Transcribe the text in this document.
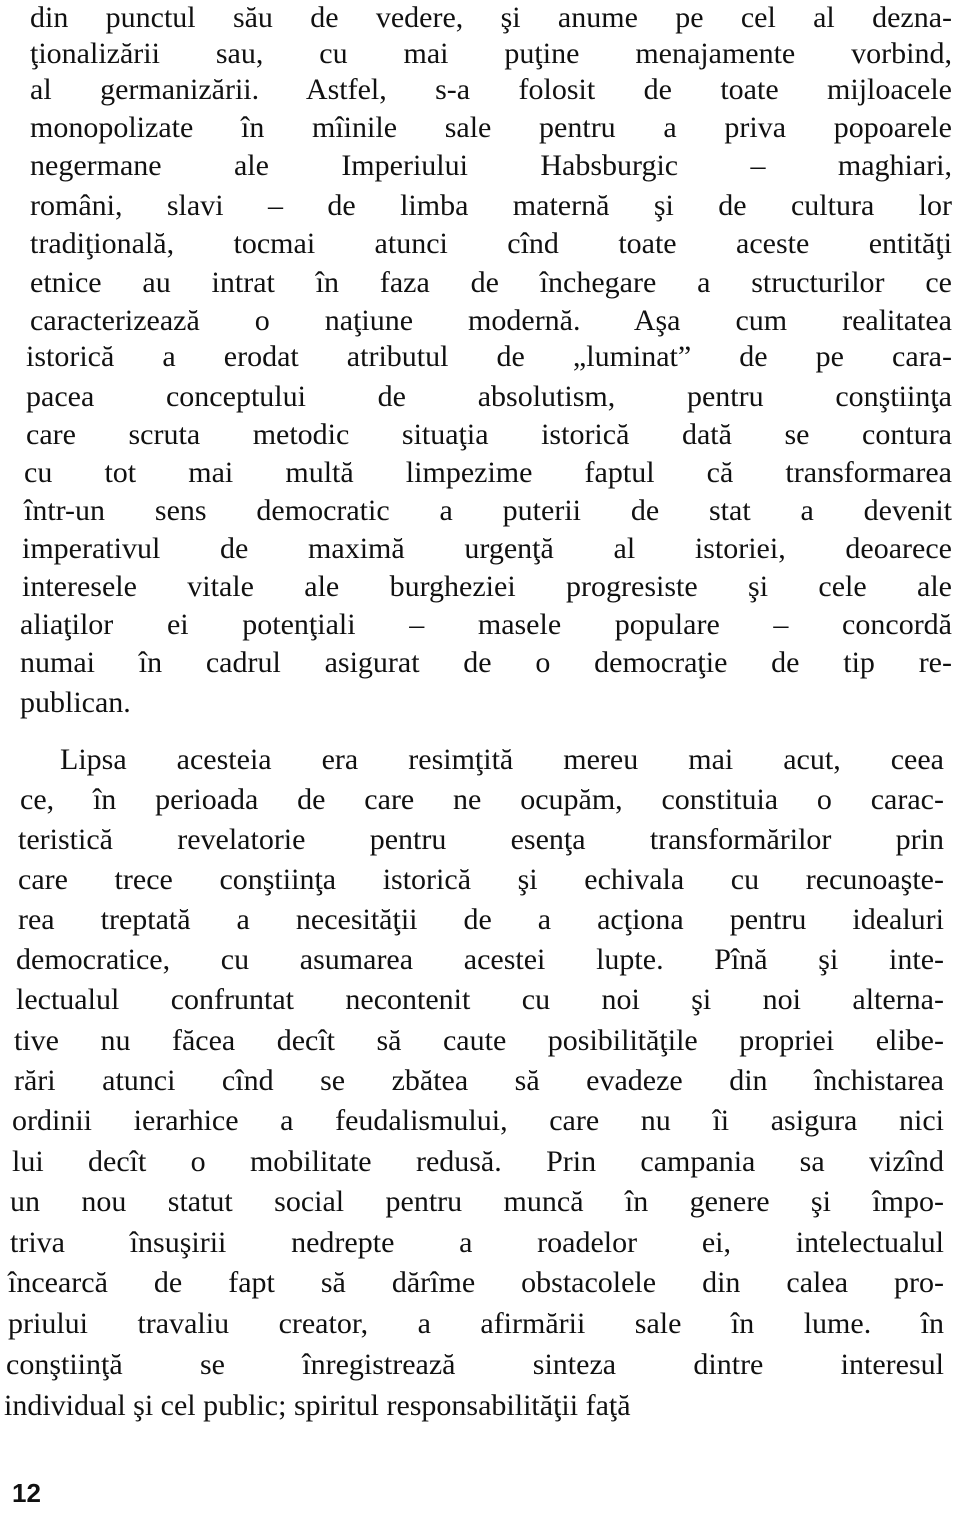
din punctul său de vedere, şi anume pe cel al dezna-
ţionalizării sau, cu mai puţine menajamente vorbind,
al germanizării. Astfel, s-a folosit de toate mijloacele
monopolizate în mîinile sale pentru a priva popoarele
negermane ale Imperiului Habsburgic – maghiari,
români, slavi – de limba maternă şi de cultura lor
tradiţională, tocmai atunci cînd toate aceste entităţi
etnice au intrat în faza de închegare a structurilor ce
caracterizează o naţiune modernă. Aşa cum realitatea
istorică a erodat atributul de „luminat” de pe cara-
pacea conceptului de absolutism, pentru conştiinţa
care scruta metodic situaţia istorică dată se contura
cu tot mai multă limpezime faptul că transformarea
într-un sens democratic a puterii de stat a devenit
imperativul de maximă urgenţă al istoriei, deoarece
interesele vitale ale burgheziei progresiste şi cele ale
aliaţilor ei potenţiali – masele populare – concordă
numai în cadrul asigurat de o democraţie de tip re-
publican.
Lipsa acesteia era resimţită mereu mai acut, ceea
ce, în perioada de care ne ocupăm, constituia o carac-
teristică revelatorie pentru esenţa transformărilor prin
care trece conştiinţa istorică şi echivala cu recunoaşte-
rea treptată a necesităţii de a acţiona pentru idealuri
democratice, cu asumarea acestei lupte. Pînă şi inte-
lectualul confruntat necontenit cu noi şi noi alterna-
tive nu făcea decît să caute posibilităţile propriei elibe-
rări atunci cînd se zbătea să evadeze din închistarea
ordinii ierarhice a feudalismului, care nu îi asigura nici
lui decît o mobilitate redusă. Prin campania sa vizînd
un nou statut social pentru muncă în genere şi împo-
triva însuşirii nedrepte a roadelor ei, intelectualul
încearcă de fapt să dărîme obstacolele din calea pro-
priului travaliu creator, a afirmării sale în lume. în
conştiinţă se înregistrează sinteza dintre interesul
individual şi cel public; spiritul responsabilităţii faţă
12
